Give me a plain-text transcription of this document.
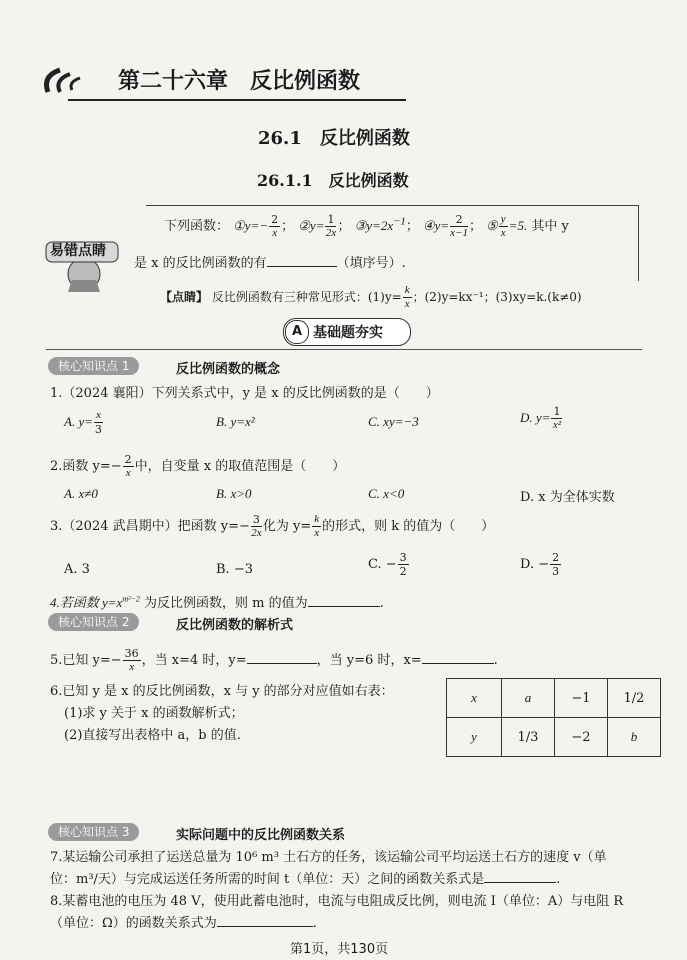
第二十六章　反比例函数
26.1　反比例函数
26.1.1　反比例函数
易错点睛
下列函数： ①y=− $\frac{2}{x}$ ； ②y= $\frac{1}{2x}$ ； $③y=2x^{-1}$； ④y= $\frac{2}{x-1}$ ； ⑤ $\frac{y}{x} =5$. 其中 y
是 x 的反比例函数的有	（填序号）.
【点睛】 反比例函数有三种常见形式：$(1)y= \frac{k}{x}$ ；(2)y=kx⁻¹；(3)xy=k.(k≠0)
A 基础题夯实
核心知识点 1	反比例函数的概念
1.（2024 襄阳）下列关系式中，y 是 x 的反比例函数的是（　　）
A. $y= \frac{x}{3}$	B. y=x²	C. xy=−3	D. $y= \frac{1}{\text{x²}}$
2.函数 $y=- \frac{2}{x}$ 中，自变量 x 的取值范围是（　　）
A. x≠0	B. x>0	C. x<0	D. x 为全体实数
3.（2024 武昌期中）把函数 $y=- \frac{3}{2x}$ 化为 $y= \frac{k}{x}$ 的形式，则 k 的值为（　　）
A. 3	B. −3	C. − $\frac{3}{2}$	D. − $\frac{2}{3}$
4.若函数 $y=x^{m^2-2}$ 为反比例函数，则 m 的值为	.
核心知识点 2	反比例函数的解析式
5.已知 $y=- \frac{36}{x}$ ，当 x=4 时，y=	，当 y=6 时，x=	.
6.已知 y 是 x 的反比例函数，x 与 y 的部分对应值如右表：
(1)求 y 关于 x 的函数解析式；
(2)直接写出表格中 a，b 的值.
x	a	−1	1/2
y	1/3	−2	b
核心知识点 3	实际问题中的反比例函数关系
7.某运输公司承担了运送总量为 10⁶ m³ 土石方的任务，该运输公司平均运送土石方的速度 v（单
位：m³/天）与完成运送任务所需的时间 t（单位：天）之间的函数关系式是	.
8.某蓄电池的电压为 48 V，使用此蓄电池时，电流与电阻成反比例，则电流 I（单位：A）与电阻 R
（单位：Ω）的函数关系式为	.
第1页，共130页
